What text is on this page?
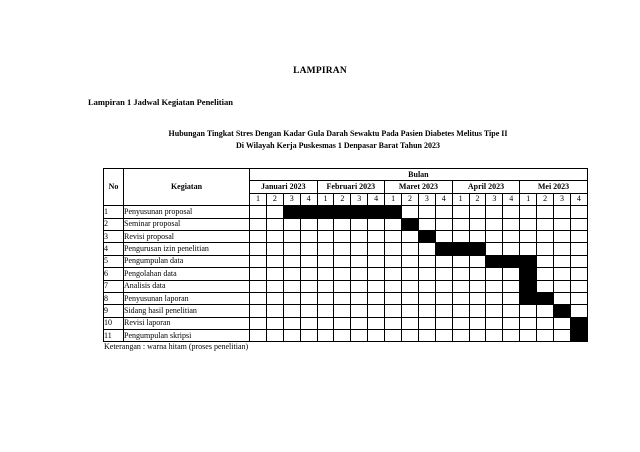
LAMPIRAN
Lampiran 1 Jadwal Kegiatan Penelitian
Hubungan Tingkat Stres Dengan Kadar Gula Darah Sewaktu Pada Pasien Diabetes Melitus Tipe II
Di Wilayah Kerja Puskesmas 1 Denpasar Barat Tahun 2023
No	Kegiatan	Bulan																			
		Januari 2023				Februari 2023				Maret 2023				April 2023				Mei 2023			
		1	2	3	4	1	2	3	4	1	2	3	4	1	2	3	4	1	2	3	4
1	Penyusunan proposal																				
2	Seminar proposal																				
3	Revisi proposal																				
4	Pengurusan izin penelitian																				
5	Pengumpulan data																				
6	Pengolahan data																				
7	Analisis data																				
8	Penyusunan laporan																				
9	Sidang hasil penelitian																				
10	Revisi laporan																				
11	Pengumpulan skripsi																				
Keterangan : warna hitam (proses penelitian)
